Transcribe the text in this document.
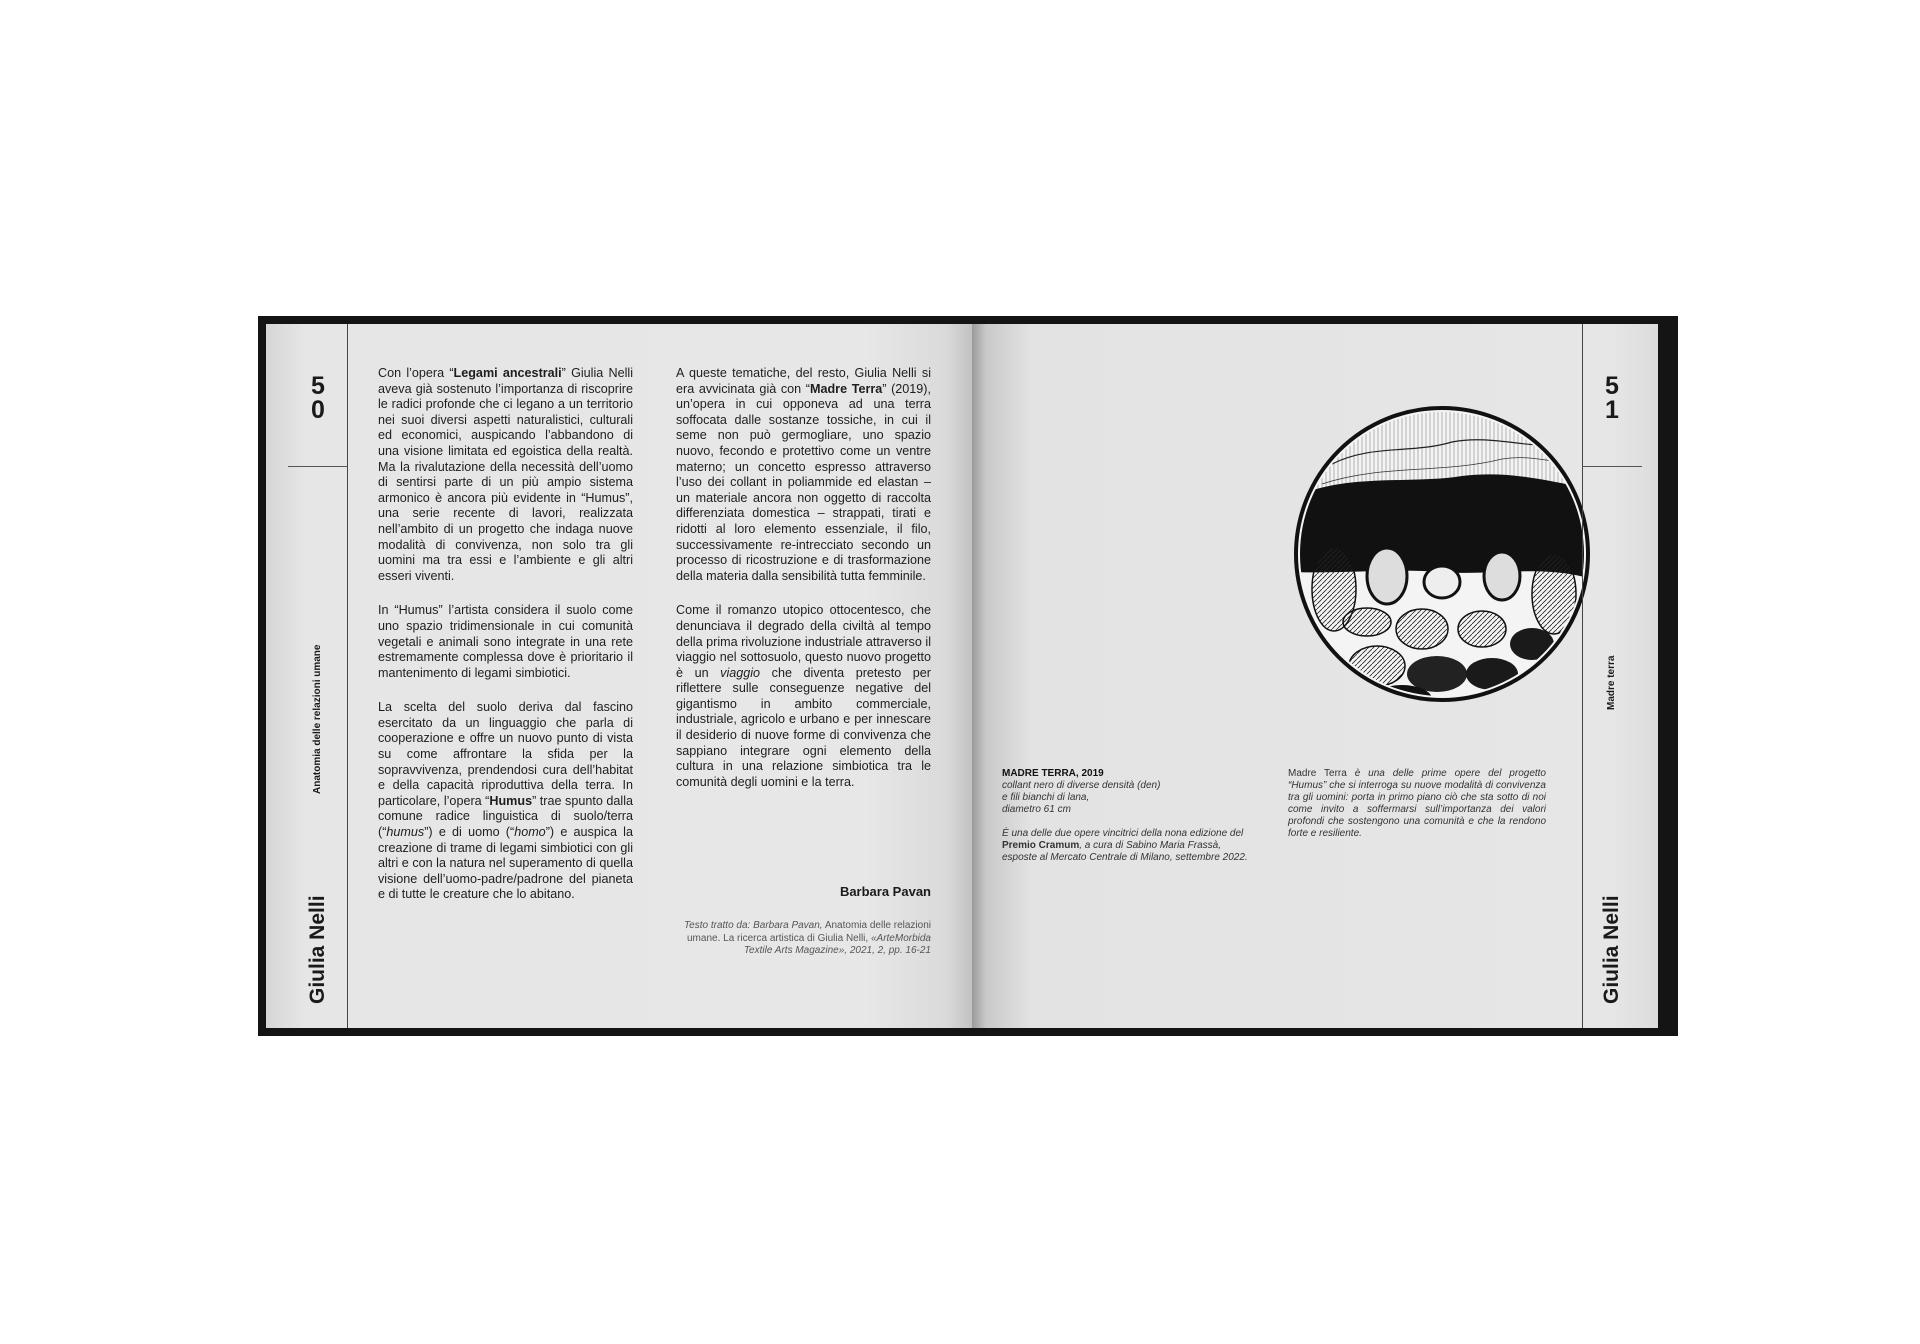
5
0
Anatomia delle relazioni umane
Giulia Nelli

Con l’opera “Legami ancestrali” Giulia Nelli aveva già sostenuto l’importanza di riscoprire le radici profonde che ci legano a un territorio nei suoi diversi aspetti naturalistici, culturali ed economici, auspicando l’abbandono di una visione limitata ed egoistica della realtà. Ma la rivalutazione della necessità dell’uomo di sentirsi parte di un più ampio sistema armonico è ancora più evidente in “Humus”, una serie recente di lavori, realizzata nell’ambito di un progetto che indaga nuove modalità di convivenza, non solo tra gli uomini ma tra essi e l’ambiente e gli altri esseri viventi.

In “Humus” l’artista considera il suolo come uno spazio tridimensionale in cui comunità vegetali e animali sono integrate in una rete estremamente complessa dove è prioritario il mantenimento di legami simbiotici.

La scelta del suolo deriva dal fascino esercitato da un linguaggio che parla di cooperazione e offre un nuovo punto di vista su come affrontare la sfida per la sopravvivenza, prendendosi cura dell’habitat e della capacità riproduttiva della terra. In particolare, l’opera “Humus” trae spunto dalla comune radice linguistica di suolo/terra (“humus”) e di uomo (“homo”) e auspica la creazione di trame di legami simbiotici con gli altri e con la natura nel superamento di quella visione dell’uomo-padre/padrone del pianeta e di tutte le creature che lo abitano.

A queste tematiche, del resto, Giulia Nelli si era avvicinata già con “Madre Terra” (2019), un’opera in cui opponeva ad una terra soffocata dalle sostanze tossiche, in cui il seme non può germogliare, uno spazio nuovo, fecondo e protettivo come un ventre materno; un concetto espresso attraverso l’uso dei collant in poliammide ed elastan – un materiale ancora non oggetto di raccolta differenziata domestica – strappati, tirati e ridotti al loro elemento essenziale, il filo, successivamente re-intrecciato secondo un processo di ricostruzione e di trasformazione della materia dalla sensibilità tutta femminile.

Come il romanzo utopico ottocentesco, che denunciava il degrado della civiltà al tempo della prima rivoluzione industriale attraverso il viaggio nel sottosuolo, questo nuovo progetto è un viaggio che diventa pretesto per riflettere sulle conseguenze negative del gigantismo in ambito commerciale, industriale, agricolo e urbano e per innescare il desiderio di nuove forme di convivenza che sappiano integrare ogni elemento della cultura in una relazione simbiotica tra le comunità degli uomini e la terra.

Barbara Pavan
Testo tratto da: Barbara Pavan, Anatomia delle relazioni umane. La ricerca artistica di Giulia Nelli, «ArteMorbida Textile Arts Magazine», 2021, 2, pp. 16-21
MADRE TERRA, 2019
collant nero di diverse densità (den)
e fili bianchi di lana,
diametro 61 cm
È una delle due opere vincitrici della nona edizione del Premio Cramum, a cura di Sabino Maria Frassà, esposte al Mercato Centrale di Milano, settembre 2022.
Madre Terra è una delle prime opere del progetto “Humus” che si interroga su nuove modalità di convivenza tra gli uomini: porta in primo piano ciò che sta sotto di noi come invito a soffermarsi sull’importanza dei valori profondi che sostengono una comunità e che la rendono forte e resiliente.
5
1
Madre terra
Giulia Nelli
